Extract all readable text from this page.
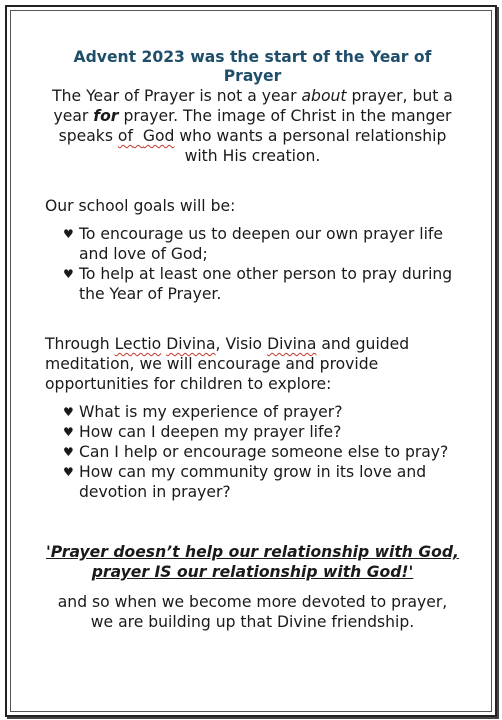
Advent 2023 was the start of the Year of Prayer

The Year of Prayer is not a year about prayer, but a year for prayer. The image of Christ in the manger speaks of God who wants a personal relationship with His creation.

Our school goals will be:

♥ To encourage us to deepen our own prayer life and love of God;
♥ To help at least one other person to pray during the Year of Prayer.

Through Lectio Divina, Visio Divina and guided meditation, we will encourage and provide opportunities for children to explore:

♥ What is my experience of prayer?
♥ How can I deepen my prayer life?
♥ Can I help or encourage someone else to pray?
♥ How can my community grow in its love and devotion in prayer?

'Prayer doesn’t help our relationship with God,
prayer IS our relationship with God!'

and so when we become more devoted to prayer, we are building up that Divine friendship.
